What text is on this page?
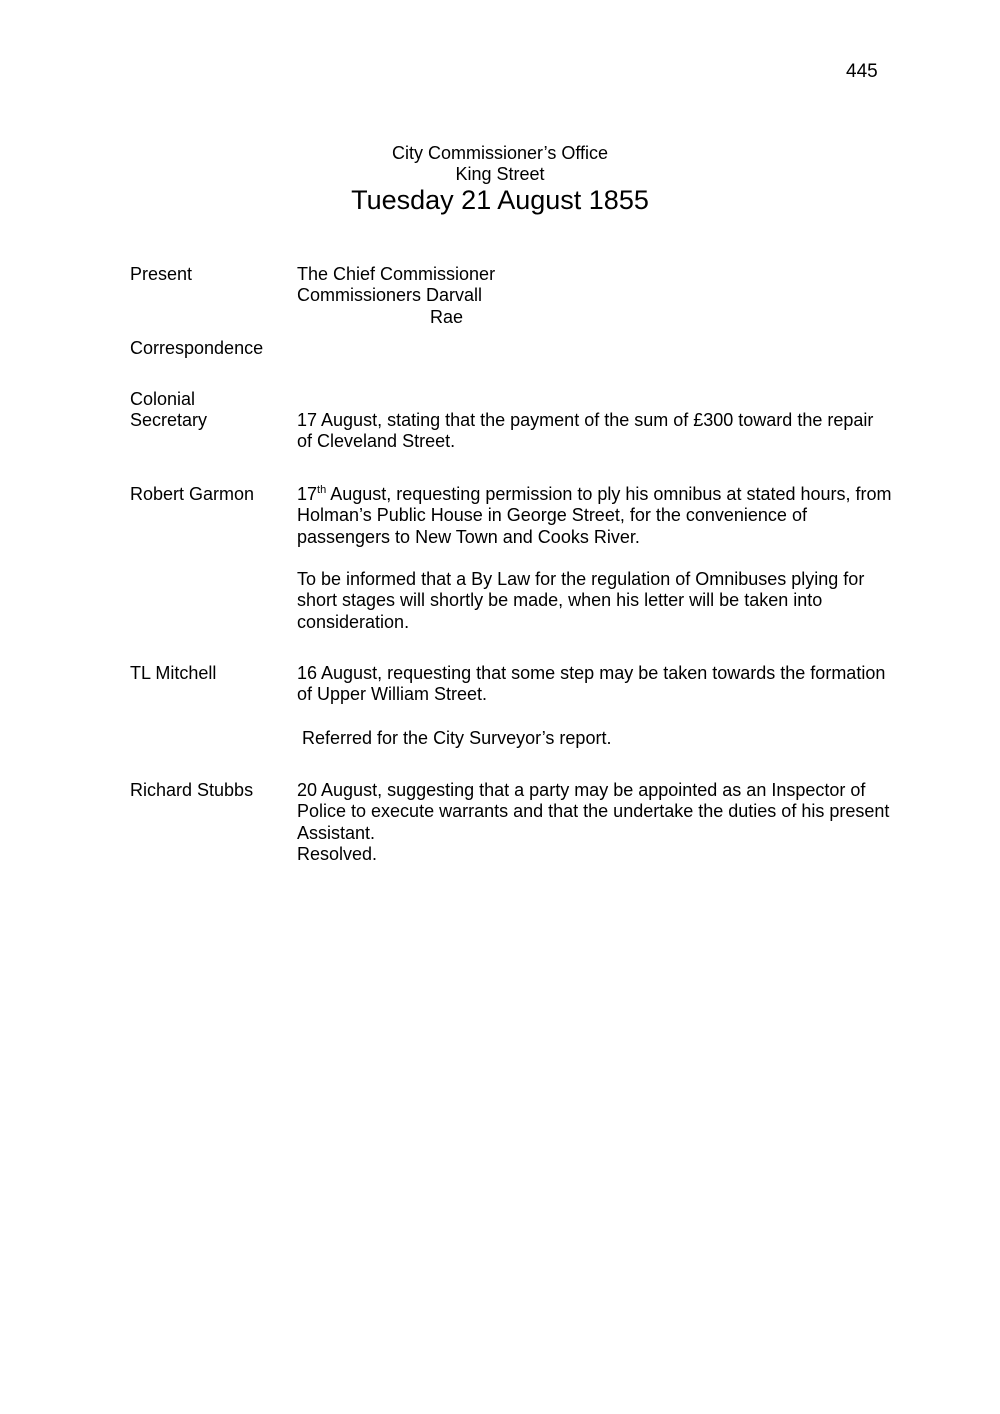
445
City Commissioner’s Office
King Street
Tuesday 21 August 1855
Present	The Chief Commissioner
Commissioners Darvall
Rae
Correspondence
Colonial
Secretary	17 August, stating that the payment of the sum of £300 toward the repair
of Cleveland Street.
Robert Garmon	17th August, requesting permission to ply his omnibus at stated hours, from
Holman’s Public House in George Street, for the convenience of
passengers to New Town and Cooks River.
To be informed that a By Law for the regulation of Omnibuses plying for
short stages will shortly be made, when his letter will be taken into
consideration.
TL Mitchell	16 August, requesting that some step may be taken towards the formation
of Upper William Street.
Referred for the City Surveyor’s report.
Richard Stubbs	20 August, suggesting that a party may be appointed as an Inspector of
Police to execute warrants and that the undertake the duties of his present
Assistant.
Resolved.
